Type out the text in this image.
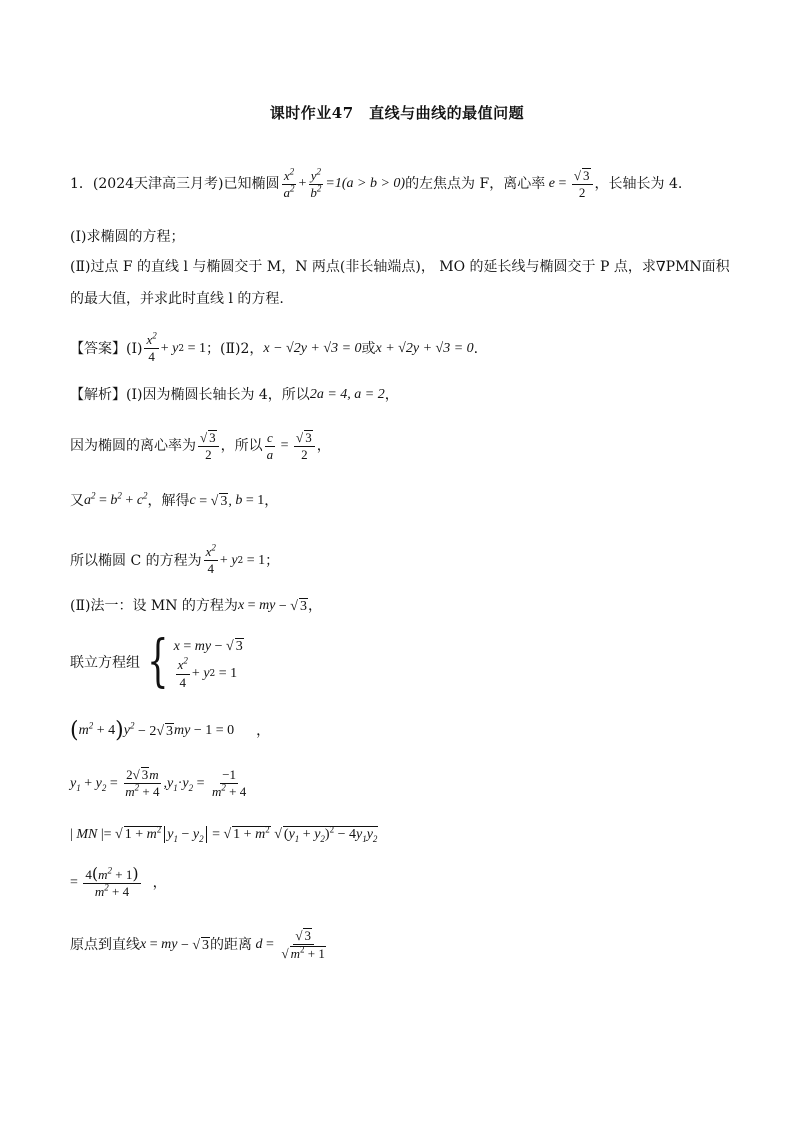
课时作业47　直线与曲线的最值问题
1． (2024天津高三月考) 已知椭圆 $\frac{x^2}{a^2} + \frac{y^2}{b^2} =1(a > b > 0)$ 的左焦点为 F，离心率 $e = \frac{√ 3}{2}$ ，长轴长为 4.
(Ⅰ)求椭圆的方程；
(Ⅱ)过点 F 的直线 l 与椭圆交于 M，N 两点(非长轴端点)， MO 的延长线与椭圆交于 P 点，求∇PMN面积
的最大值，并求此时直线 l 的方程.
【答案】 (Ⅰ) $\frac{x^2}{4} + y$ 2 = 1 ；(Ⅱ)2， x − √2y + √3 = 0 或 x + √2y + √3 = 0 .
【解析】 (Ⅰ)因为椭圆长轴长为 4，所以 2a = 4, a = 2 ，
因为椭圆的离心率为 $\frac{√ 3}{2}$ ，所以 $\frac{c}{a} = \frac{√ 3}{2}$ ，
又 $a^2 = b^2 + c^2$ ，解得 c = √ 3, b = 1 ，
所以椭圆 C 的方程为 $\frac{x^2}{4} + y$ 2 = 1 ；
(Ⅱ)法一：设 MN 的方程为 x = my − √ 3 ，
联立方程组 { x = my − √ 3
$\frac{x^2}{4} + y$ 2 = 1
( $m^2 + 4$ ) $y^2 - 2√$ 3 my − 1 = 0 ，
$y_1 + y_2 = \frac{2√ 3m}{m^2 + 4}$ , $y_1 \cdot y_2 = \frac{-1}{m^2 + 4}$
| MN |= √ $1 + m^2$ $y_1 - y_2$ = √ $1 + m^2$ √ $(y_1 + y_2)^2 - 4y_1y_2$
= $\frac{4(m^2 + 1)}{m^2 + 4}$ ，
原点到直线 x = my − √ 3 的距离 $d = \frac{√ 3}{√ m^2 + 1}$
